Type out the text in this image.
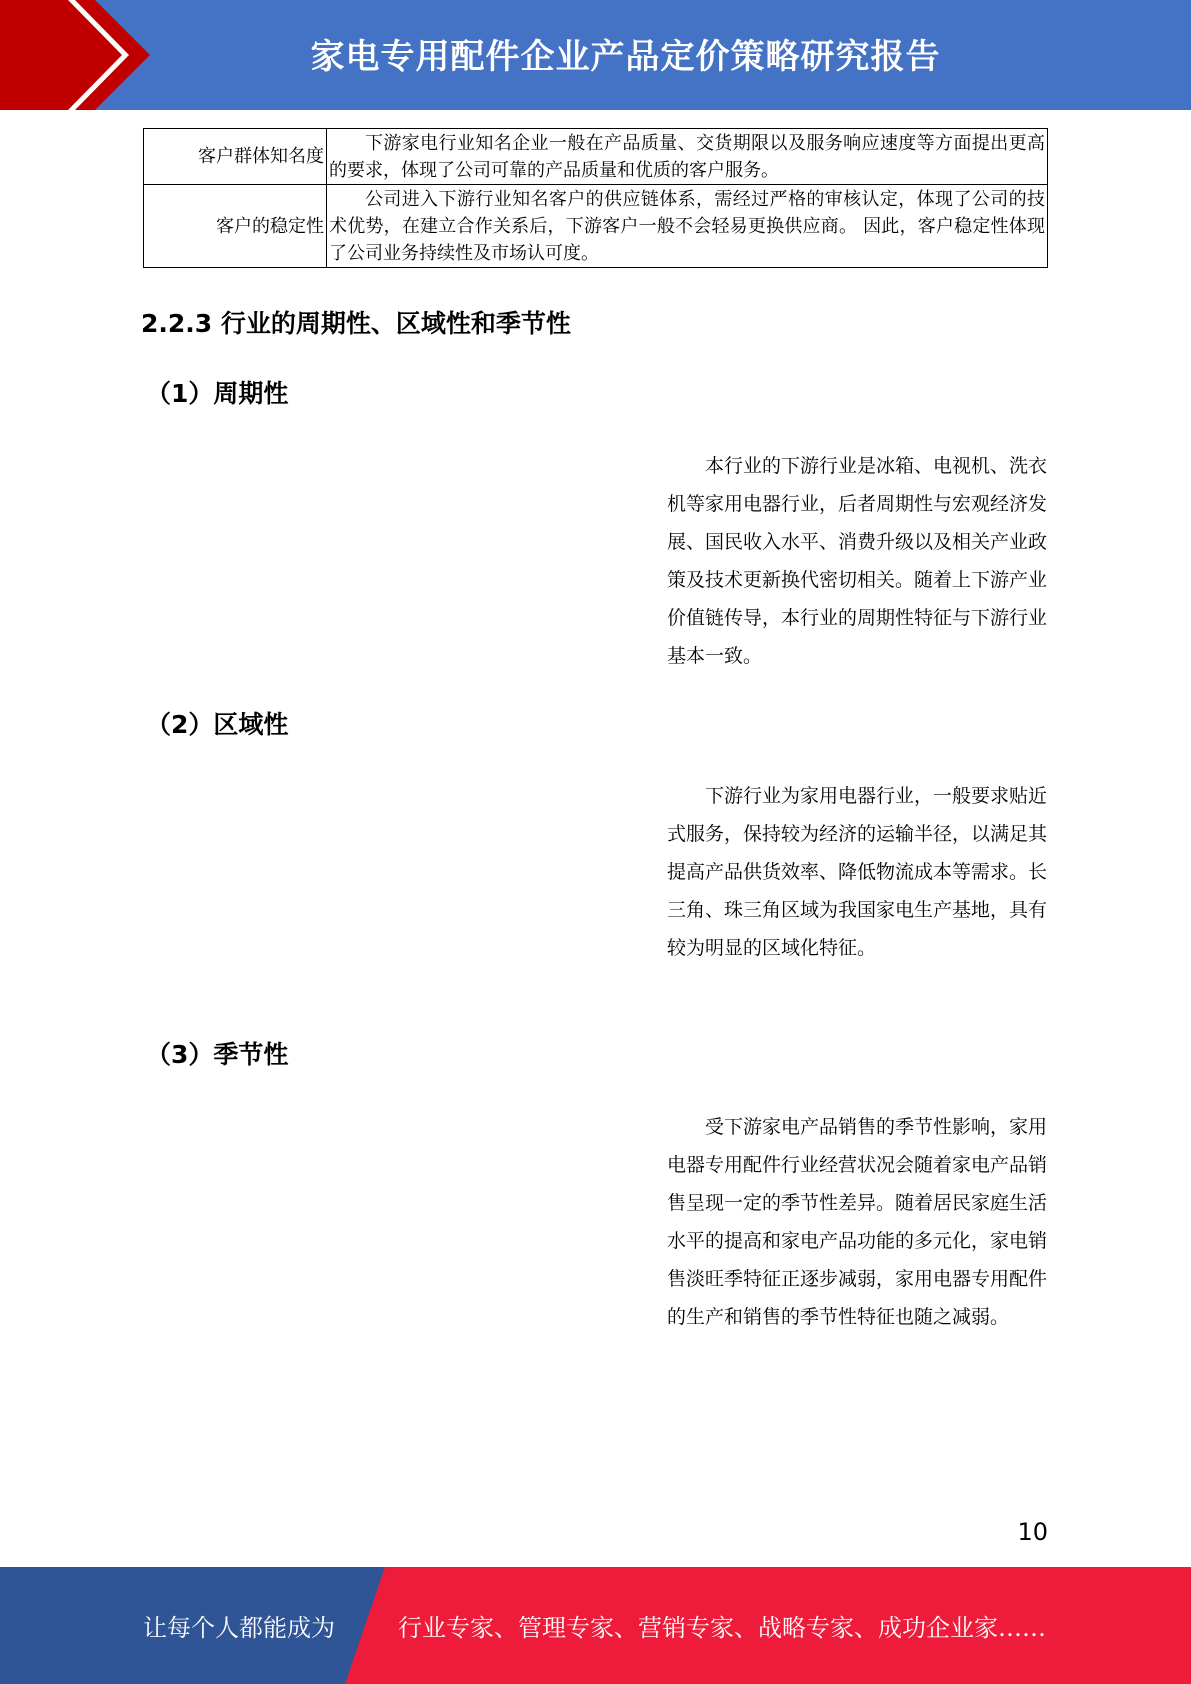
家电专用配件企业产品定价策略研究报告
客户群体知名度	下游家电行业知名企业一般在产品质量、交货期限以及服务响应速度等方面提出更高的要求，体现了公司可靠的产品质量和优质的客户服务。
客户的稳定性	公司进入下游行业知名客户的供应链体系，需经过严格的审核认定，体现了公司的技术优势，在建立合作关系后，下游客户一般不会轻易更换供应商。 因此，客户稳定性体现了公司业务持续性及市场认可度。
2.2.3 行业的周期性、区域性和季节性
（1）周期性

本行业的下游行业是冰箱、电视机、洗衣机等家用电器行业，后者周期性与宏观经济发展、国民收入水平、消费升级以及相关产业政策及技术更新换代密切相关。随着上下游产业价值链传导，本行业的周期性特征与下游行业基本一致。

（2）区域性

下游行业为家用电器行业，一般要求贴近式服务，保持较为经济的运输半径，以满足其提高产品供货效率、降低物流成本等需求。长三角、珠三角区域为我国家电生产基地，具有较为明显的区域化特征。

（3）季节性

受下游家电产品销售的季节性影响，家用电器专用配件行业经营状况会随着家电产品销售呈现一定的季节性差异。随着居民家庭生活水平的提高和家电产品功能的多元化，家电销售淡旺季特征正逐步减弱，家用电器专用配件的生产和销售的季节性特征也随之减弱。

10
让每个人都能成为	行业专家、管理专家、营销专家、战略专家、成功企业家……
